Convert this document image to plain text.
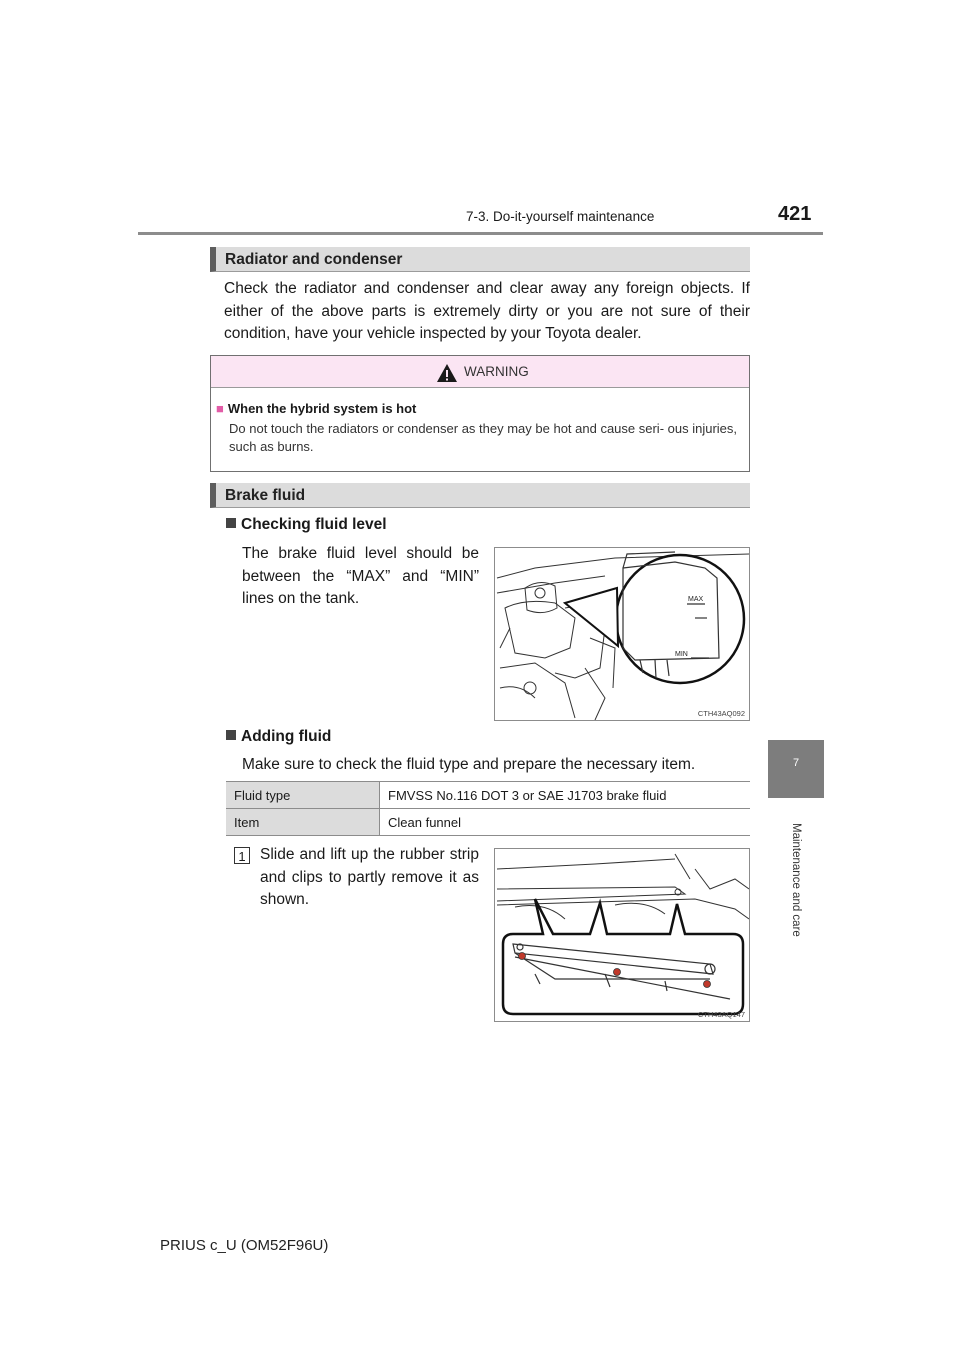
7-3. Do-it-yourself maintenance	421
7
Maintenance and care
Radiator and condenser
Check the radiator and condenser and clear away any foreign objects. If either of the above parts is extremely dirty or you are not sure of their condition, have your vehicle inspected by your Toyota dealer.
WARNING
■ When the hybrid system is hot
Do not touch the radiators or condenser as they may be hot and cause seri- ous injuries, such as burns.
Brake fluid
Checking fluid level
The brake fluid level should be between the “MAX” and “MIN” lines on the tank.	MAX
MIN
CTH43AQ092
Adding fluid
Make sure to check the fluid type and prepare the necessary item.
Fluid type	FMVSS No.116 DOT 3 or SAE J1703 brake fluid
Item	Clean funnel
1 Slide and lift up the rubber strip and clips to partly remove it as shown.
CTH43AQ147
PRIUS c_U (OM52F96U)
